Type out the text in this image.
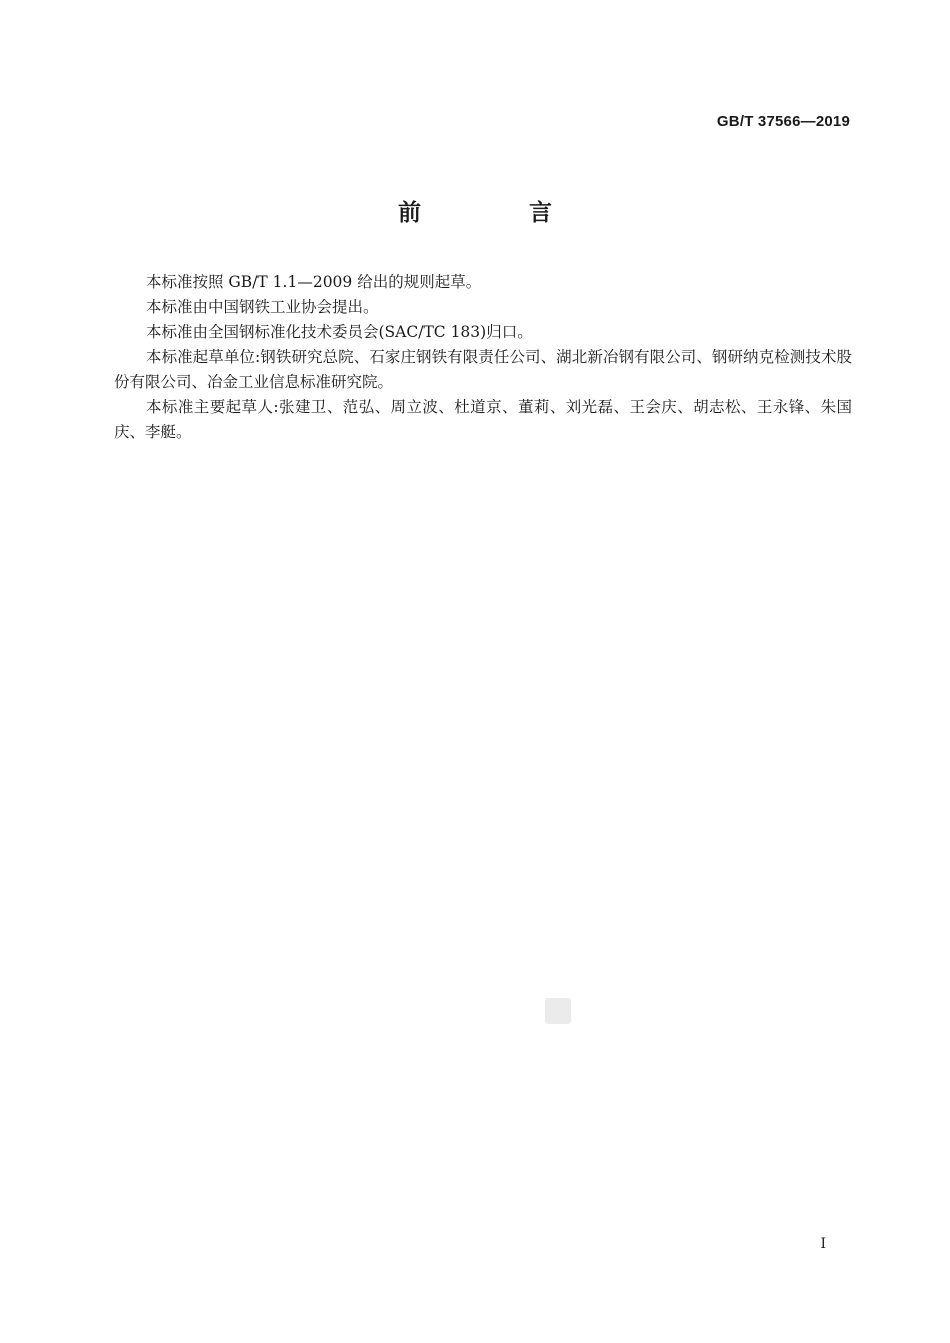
GB/T 37566—2019
前 言

本标准按照 GB/T 1.1—2009 给出的规则起草。

本标准由中国钢铁工业协会提出。

本标准由全国钢标准化技术委员会(SAC/TC 183)归口。

本标准起草单位:钢铁研究总院、石家庄钢铁有限责任公司、湖北新冶钢有限公司、钢研纳克检测技术股份有限公司、冶金工业信息标准研究院。

本标准主要起草人:张建卫、范弘、周立波、杜道京、董莉、刘光磊、王会庆、胡志松、王永锋、朱国庆、李艇。

I
